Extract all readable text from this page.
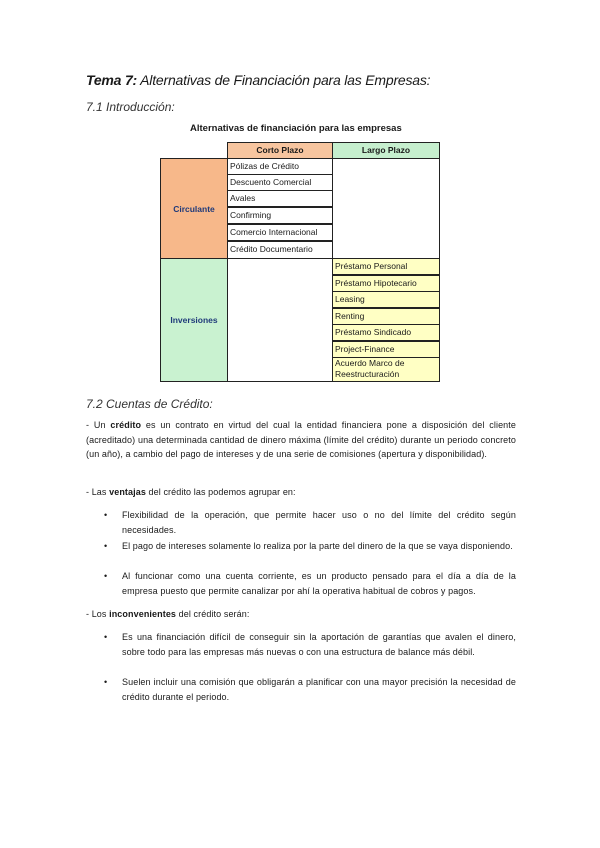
Tema 7: Alternativas de Financiación para las Empresas:
7.1 Introducción:
Alternativas de financiación para las empresas
Corto Plazo	Largo Plazo
Circulante
Inversiones
Pólizas de Crédito
Descuento Comercial
Avales
Confirming
Comercio Internacional
Crédito Documentario
Préstamo Personal
Préstamo Hipotecario
Leasing
Renting
Préstamo Sindicado
Project-Finance
Acuerdo Marco de
Reestructuración
7.2 Cuentas de Crédito:
- Un crédito es un contrato en virtud del cual la entidad financiera pone a disposición del cliente (acreditado) una determinada cantidad de dinero máxima (límite del crédito) durante un periodo concreto (un año), a cambio del pago de intereses y de una serie de comisiones (apertura y disponibilidad).
- Las ventajas del crédito las podemos agrupar en:
• Flexibilidad de la operación, que permite hacer uso o no del límite del crédito según necesidades.
• El pago de intereses solamente lo realiza por la parte del dinero de la que se vaya disponiendo.
• Al funcionar como una cuenta corriente, es un producto pensado para el día a día de la empresa puesto que permite canalizar por ahí la operativa habitual de cobros y pagos.
- Los inconvenientes del crédito serán:
• Es una financiación difícil de conseguir sin la aportación de garantías que avalen el dinero, sobre todo para las empresas más nuevas o con una estructura de balance más débil.
• Suelen incluir una comisión que obligarán a planificar con una mayor precisión la necesidad de crédito durante el periodo.
